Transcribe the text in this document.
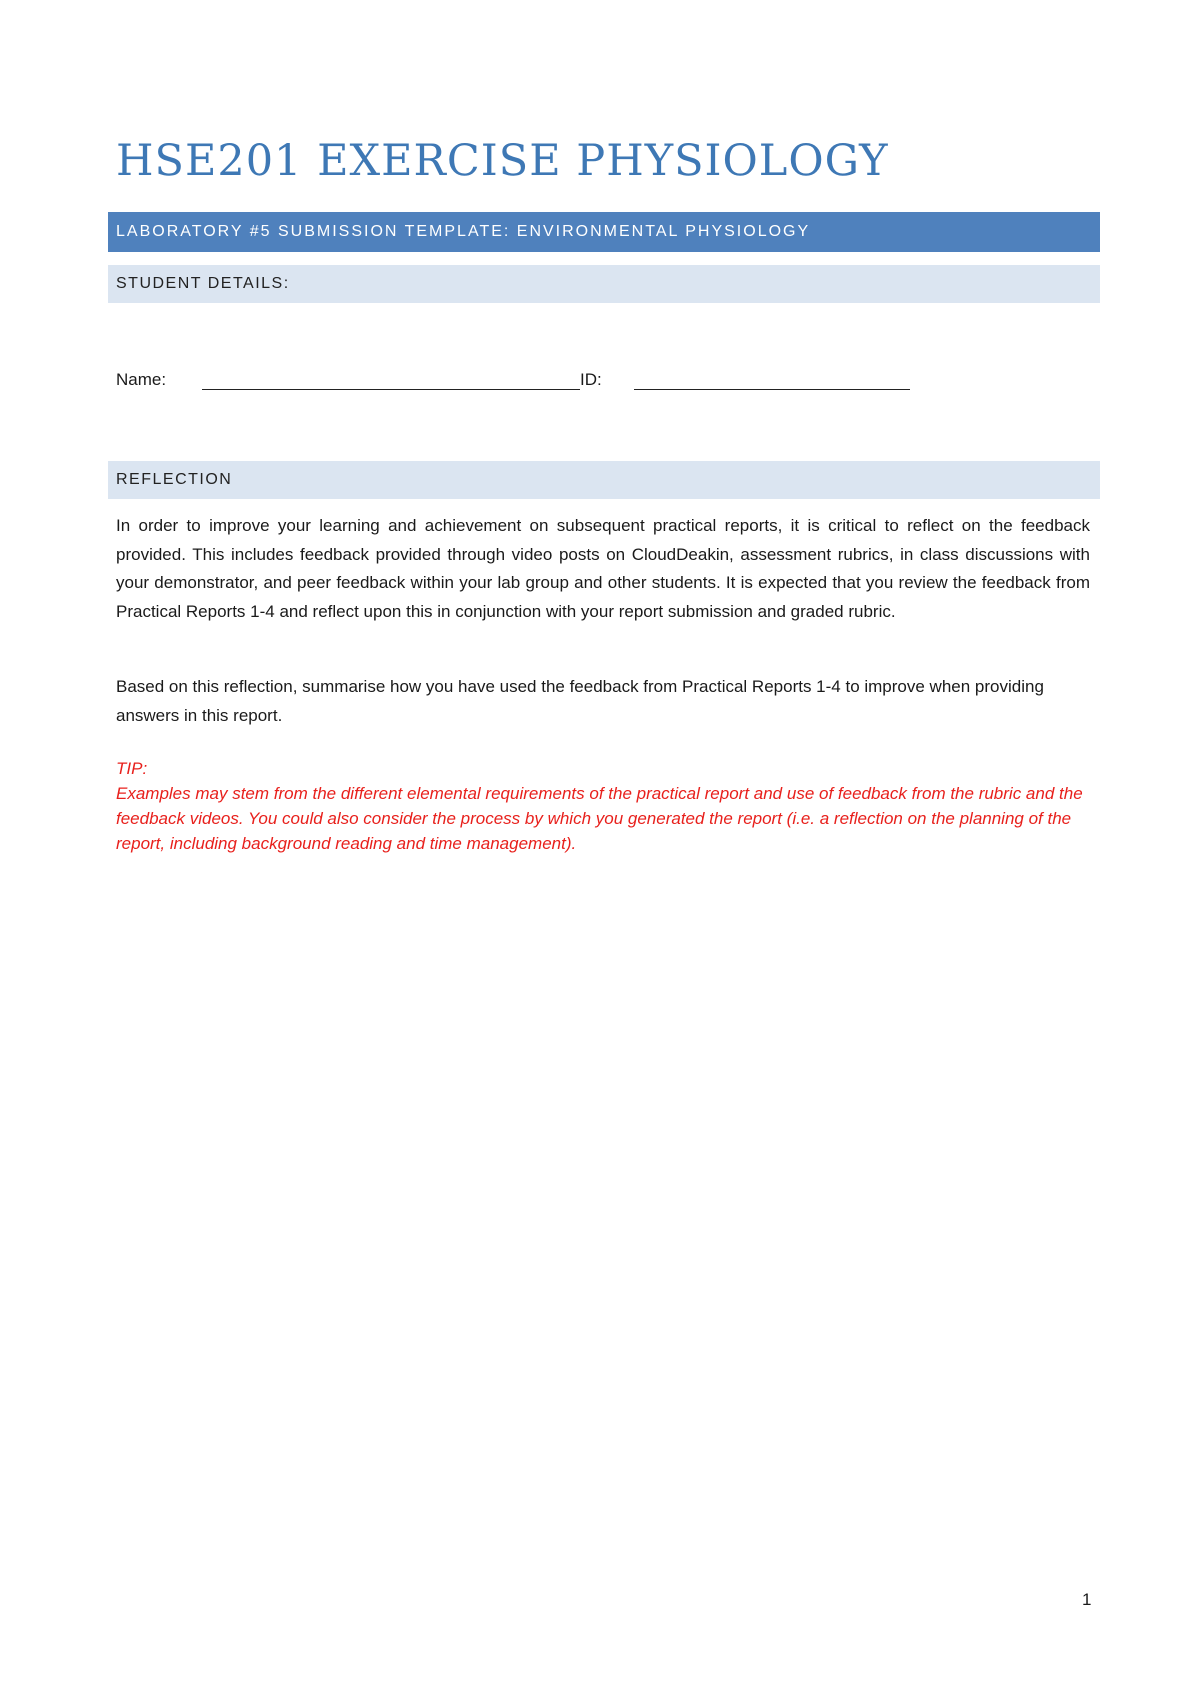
HSE201 EXERCISE PHYSIOLOGY
LABORATORY #5 SUBMISSION TEMPLATE: ENVIRONMENTAL PHYSIOLOGY
STUDENT DETAILS:
Name:	ID:
REFLECTION
In order to improve your learning and achievement on subsequent practical reports, it is critical to reflect on the feedback provided. This includes feedback provided through video posts on CloudDeakin, assessment rubrics, in class discussions with your demonstrator, and peer feedback within your lab group and other students. It is expected that you review the feedback from Practical Reports 1-4 and reflect upon this in conjunction with your report submission and graded rubric.
Based on this reflection, summarise how you have used the feedback from Practical Reports 1-4 to improve when providing answers in this report.
TIP:
Examples may stem from the different elemental requirements of the practical report and use of feedback from the rubric and the feedback videos. You could also consider the process by which you generated the report (i.e. a reflection on the planning of the report, including background reading and time management).
1
